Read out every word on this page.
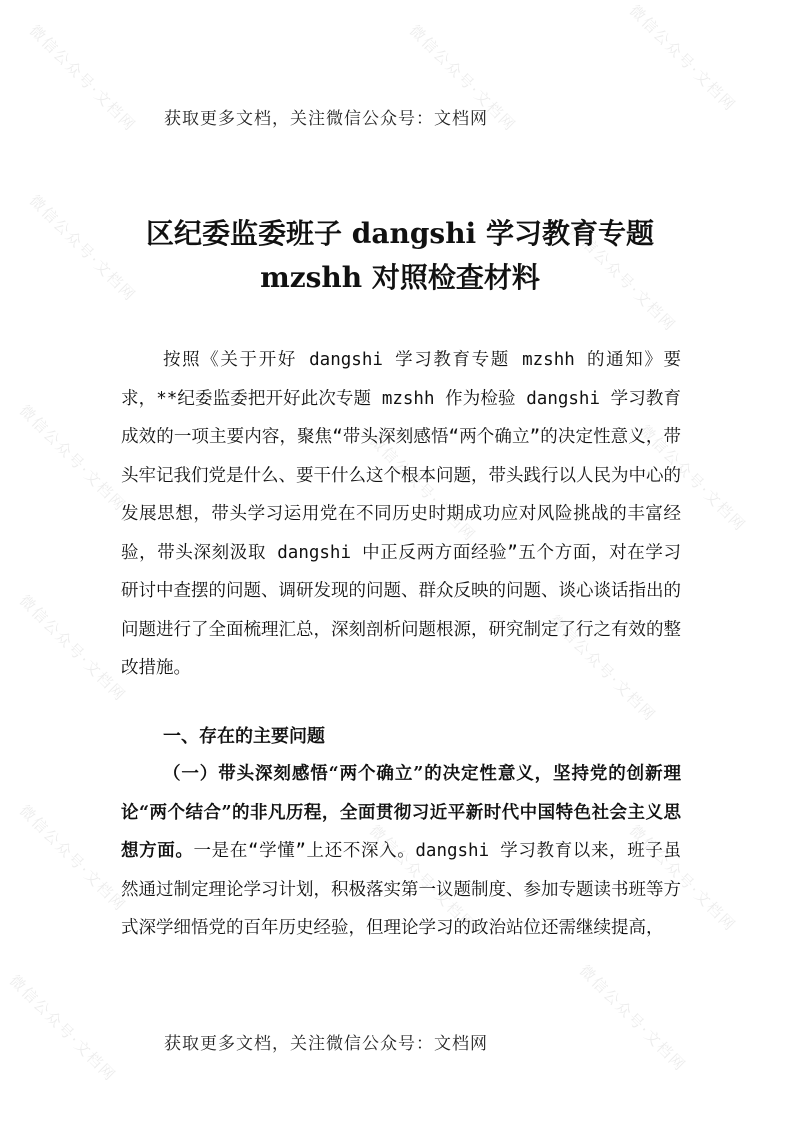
微信公众号·文档网	微信公众号·文档网	微信公众号·文档网
微信公众号·文档网	微信公众号·文档网
微信公众号·文档网	微信公众号·文档网	微信公众号·文档网
微信公众号·文档网	微信公众号·文档网
微信公众号·文档网	微信公众号·文档网	微信公众号·文档网
微信公众号·文档网	微信公众号·文档网
获取更多文档，关注微信公众号：文档网
区纪委监委班子 dangshi 学习教育专题
mzshh 对照检查材料
按照《关于开好 dangshi 学习教育专题 mzshh 的通知》要求，**纪委监委把开好此次专题 mzshh 作为检验 dangshi 学习教育成效的一项主要内容，聚焦“带头深刻感悟“两个确立”的决定性意义，带头牢记我们党是什么、要干什么这个根本问题，带头践行以人民为中心的发展思想，带头学习运用党在不同历史时期成功应对风险挑战的丰富经验，带头深刻汲取 dangshi 中正反两方面经验”五个方面，对在学习研讨中查摆的问题、调研发现的问题、群众反映的问题、谈心谈话指出的问题进行了全面梳理汇总，深刻剖析问题根源，研究制定了行之有效的整改措施。
一、存在的主要问题
（一）带头深刻感悟“两个确立”的决定性意义，坚持党的创新理论“两个结合”的非凡历程，全面贯彻习近平新时代中国特色社会主义思想方面。一是在“学懂”上还不深入。dangshi 学习教育以来，班子虽然通过制定理论学习计划，积极落实第一议题制度、参加专题读书班等方式深学细悟党的百年历史经验，但理论学习的政治站位还需继续提高，
获取更多文档，关注微信公众号：文档网
